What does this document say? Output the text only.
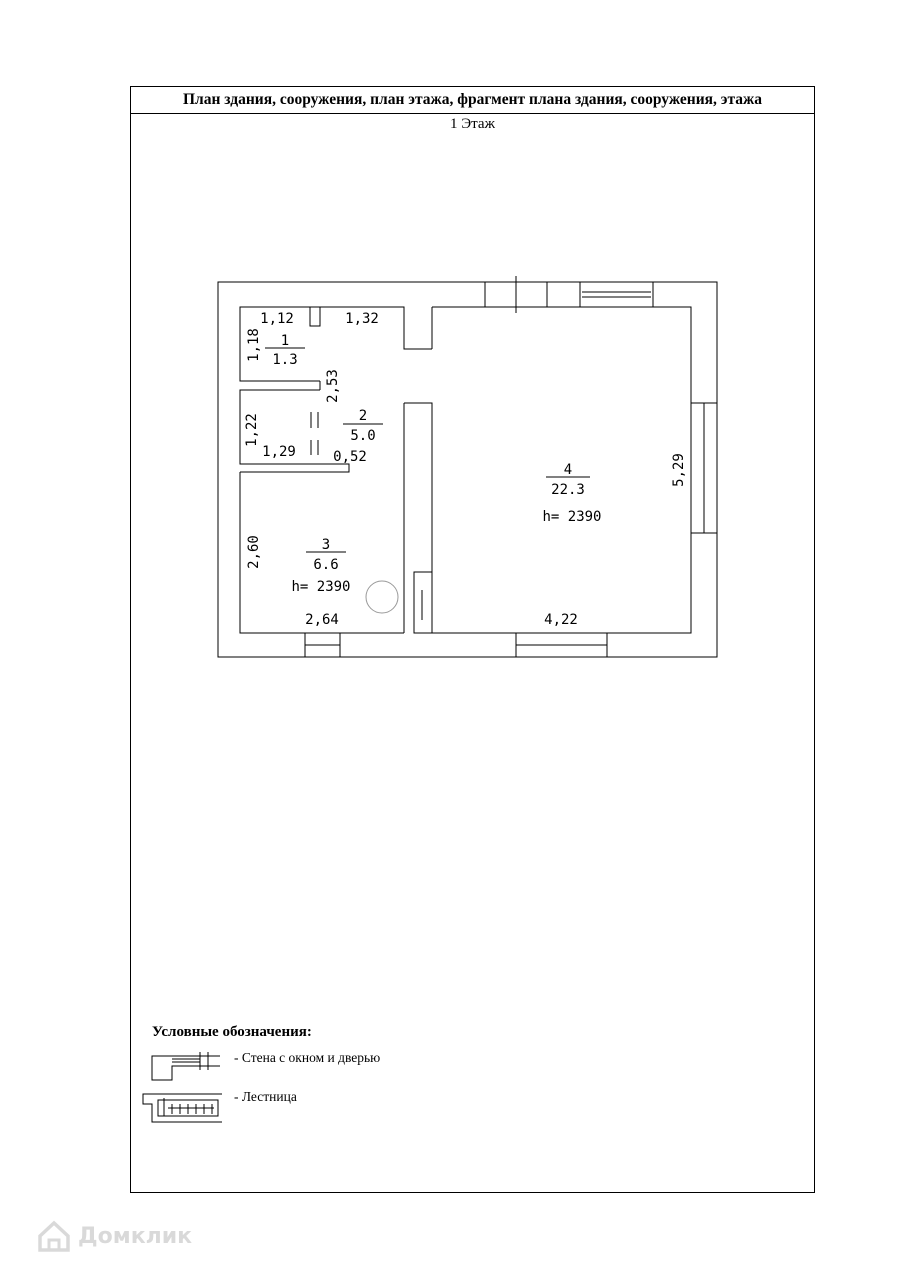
План здания, сооружения, план этажа, фрагмент плана здания, сооружения, этажа
1 Этаж
1
1.3
2
5.0
3
6.6
h= 2390
4
22.3
h= 2390
1,12	1,32
1,18
2,53
1,22
1,29	0,52
2,60
2,64	4,22
5,29
Условные обозначения:
- Стена с окном и дверью
- Лестница
Домклик
